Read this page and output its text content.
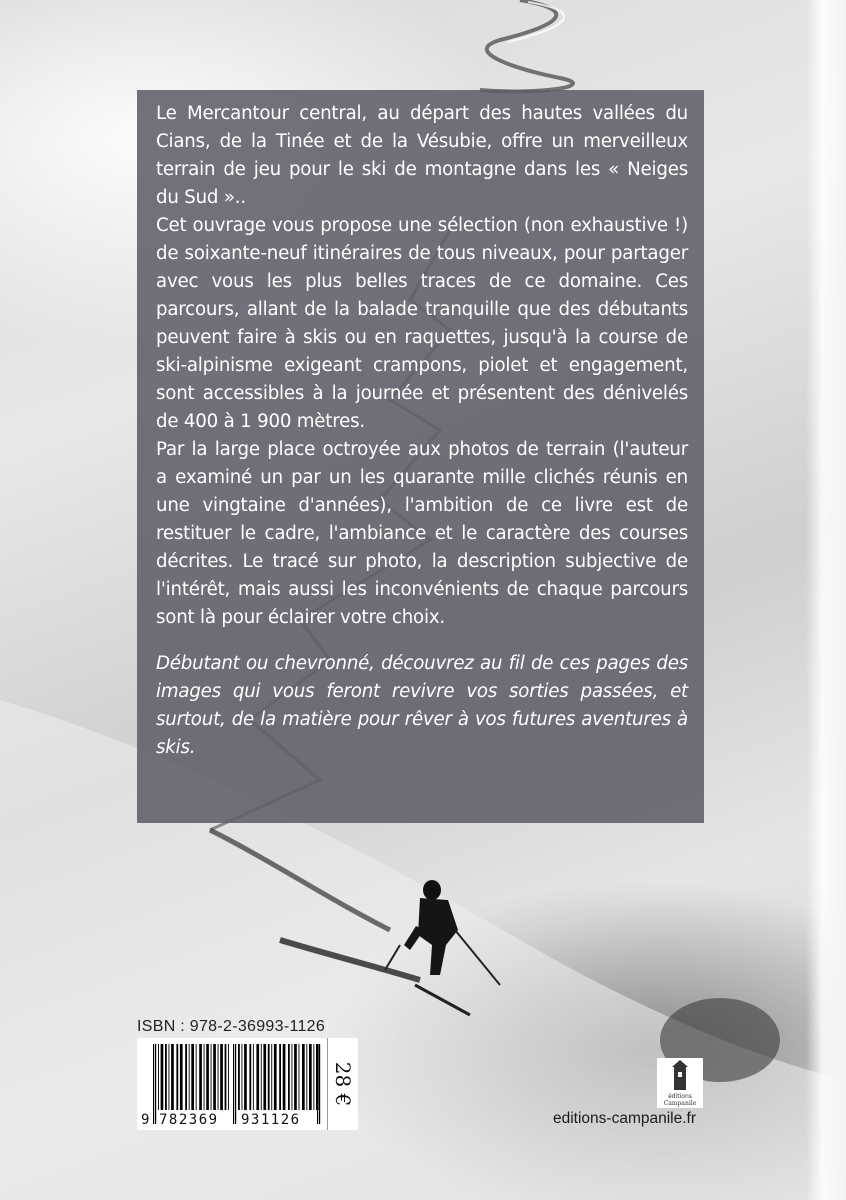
Le Mercantour central, au départ des hautes vallées du Cians, de la Tinée et de la Vésubie, offre un merveilleux terrain de jeu pour le ski de montagne dans les « Neiges du Sud »..

Cet ouvrage vous propose une sélection (non exhaustive !) de soixante-neuf itinéraires de tous niveaux, pour partager avec vous les plus belles traces de ce domaine. Ces parcours, allant de la balade tranquille que des débutants peuvent faire à skis ou en raquettes, jusqu'à la course de ski-alpinisme exigeant crampons, piolet et engagement, sont accessibles à la journée et présentent des dénivelés de 400 à 1 900 mètres.

Par la large place octroyée aux photos de terrain (l'auteur a examiné un par un les quarante mille clichés réunis en une vingtaine d'années), l'ambition de ce livre est de restituer le cadre, l'ambiance et le caractère des courses décrites. Le tracé sur photo, la description subjective de l'intérêt, mais aussi les inconvénients de chaque parcours sont là pour éclairer votre choix.

Débutant ou chevronné, découvrez au fil de ces pages des images qui vous feront revivre vos sorties passées, et surtout, de la matière pour rêver à vos futures aventures à skis.

ISBN : 978-2-36993-1126
9 782369 931126
28 €	éditions
Campanile
editions-campanile.fr
